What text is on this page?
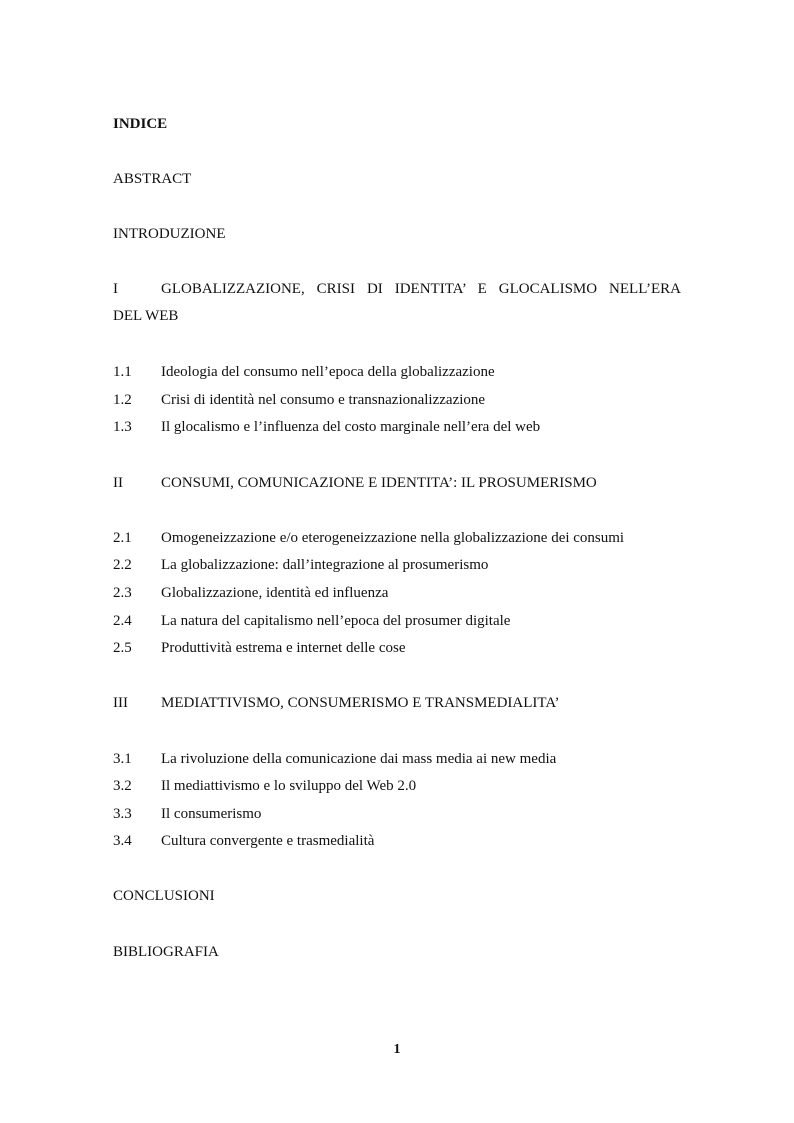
INDICE
ABSTRACT
INTRODUZIONE
I	GLOBALIZZAZIONE, CRISI DI IDENTITA’ E GLOCALISMO NELL’ERA
DEL WEB
1.1 Ideologia del consumo nell’epoca della globalizzazione
1.2 Crisi di identità nel consumo e transnazionalizzazione
1.3 Il glocalismo e l’influenza del costo marginale nell’era del web
II	CONSUMI, COMUNICAZIONE E IDENTITA’: IL PROSUMERISMO
2.1 Omogeneizzazione e/o eterogeneizzazione nella globalizzazione dei consumi
2.2 La globalizzazione: dall’integrazione al prosumerismo
2.3 Globalizzazione, identità ed influenza
2.4 La natura del capitalismo nell’epoca del prosumer digitale
2.5 Produttività estrema e internet delle cose
III MEDIATTIVISMO, CONSUMERISMO E TRANSMEDIALITA’
3.1 La rivoluzione della comunicazione dai mass media ai new media
3.2 Il mediattivismo e lo sviluppo del Web 2.0
3.3 Il consumerismo
3.4 Cultura convergente e trasmedialità
CONCLUSIONI
BIBLIOGRAFIA
1
